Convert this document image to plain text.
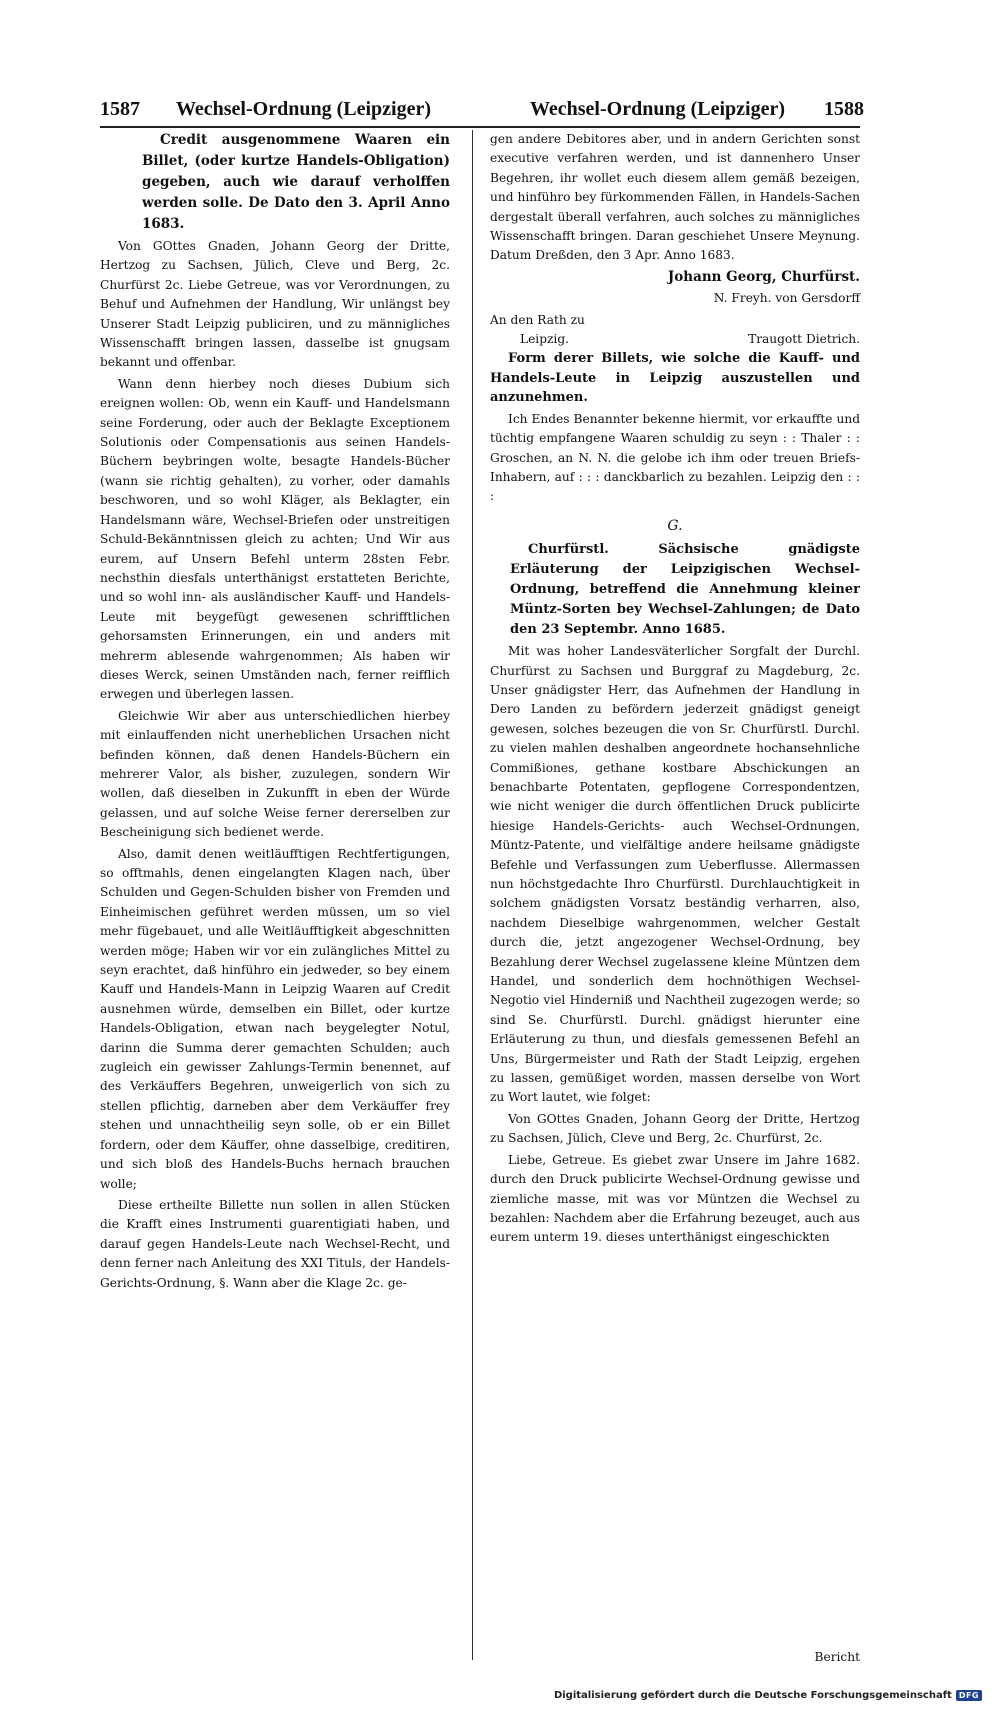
1587 Wechsel-Ordnung (Leipziger)	Wechsel-Ordnung (Leipziger) 1588

Credit ausgenommene Waaren ein Billet, (oder kurtze Handels-Obligation) gegeben, auch wie darauf verholffen werden solle. De Dato den 3. April Anno 1683.

Von GOttes Gnaden, Johann Georg der Dritte, Hertzog zu Sachsen, Jülich, Cleve und Berg, 2c. Churfürst 2c. Liebe Getreue, was vor Verordnungen, zu Behuf und Aufnehmen der Handlung, Wir unlängst bey Unserer Stadt Leipzig publiciren, und zu männigliches Wissenschafft bringen lassen, dasselbe ist gnugsam bekannt und offenbar.

Wann denn hierbey noch dieses Dubium sich ereignen wollen: Ob, wenn ein Kauff- und Handelsmann seine Forderung, oder auch der Beklagte Exceptionem Solutionis oder Compensationis aus seinen Handels-Büchern beybringen wolte, besagte Handels-Bücher (wann sie richtig gehalten), zu vorher, oder damahls beschworen, und so wohl Kläger, als Beklagter, ein Handelsmann wäre, Wechsel-Briefen oder unstreitigen Schuld-Bekänntnissen gleich zu achten; Und Wir aus eurem, auf Unsern Befehl unterm 28sten Febr. nechsthin diesfals unterthänigst erstatteten Berichte, und so wohl inn- als ausländischer Kauff- und Handels-Leute mit beygefügt gewesenen schrifftlichen gehorsamsten Erinnerungen, ein und anders mit mehrerm ablesende wahrgenommen; Als haben wir dieses Werck, seinen Umständen nach, ferner reifflich erwegen und überlegen lassen.

Gleichwie Wir aber aus unterschiedlichen hierbey mit einlauffenden nicht unerheblichen Ursachen nicht befinden können, daß denen Handels-Büchern ein mehrerer Valor, als bisher, zuzulegen, sondern Wir wollen, daß dieselben in Zukunfft in eben der Würde gelassen, und auf solche Weise ferner dererselben zur Bescheinigung sich bedienet werde.

Also, damit denen weitläufftigen Rechtfertigungen, so offtmahls, denen eingelangten Klagen nach, über Schulden und Gegen-Schulden bisher von Fremden und Einheimischen geführet werden müssen, um so viel mehr fügebauet, und alle Weitläufftigkeit abgeschnitten werden möge; Haben wir vor ein zulängliches Mittel zu seyn erachtet, daß hinführo ein jedweder, so bey einem Kauff und Handels-Mann in Leipzig Waaren auf Credit ausnehmen würde, demselben ein Billet, oder kurtze Handels-Obligation, etwan nach beygelegter Notul, darinn die Summa derer gemachten Schulden; auch zugleich ein gewisser Zahlungs-Termin benennet, auf des Verkäuffers Begehren, unweigerlich von sich zu stellen pflichtig, darneben aber dem Verkäuffer frey stehen und unnachtheilig seyn solle, ob er ein Billet fordern, oder dem Käuffer, ohne dasselbige, creditiren, und sich bloß des Handels-Buchs hernach brauchen wolle;

Diese ertheilte Billette nun sollen in allen Stücken die Krafft eines Instrumenti guarentigiati haben, und darauf gegen Handels-Leute nach Wechsel-Recht, und denn ferner nach Anleitung des XXI Tituls, der Handels-Gerichts-Ordnung, §. Wann aber die Klage 2c. ge-

gen andere Debitores aber, und in andern Gerichten sonst executive verfahren werden, und ist dannenhero Unser Begehren, ihr wollet euch diesem allem gemäß bezeigen, und hinführo bey fürkommenden Fällen, in Handels-Sachen dergestalt überall verfahren, auch solches zu männigliches Wissenschafft bringen. Daran geschiehet Unsere Meynung. Datum Dreßden, den 3 Apr. Anno 1683.

Johann Georg, Churfürst.

N. Freyh. von Gersdorff

An den Rath zu
Leipzig.	Traugott Dietrich.

Form derer Billets, wie solche die Kauff- und Handels-Leute in Leipzig auszustellen und anzunehmen.

Ich Endes Benannter bekenne hiermit, vor erkauffte und tüchtig empfangene Waaren schuldig zu seyn : : Thaler : : Groschen, an N. N. die gelobe ich ihm oder treuen Briefs-Inhabern, auf : : : danckbarlich zu bezahlen. Leipzig den : : :

G.

Churfürstl. Sächsische gnädigste Erläuterung der Leipzigischen Wechsel-Ordnung, betreffend die Annehmung kleiner Müntz-Sorten bey Wechsel-Zahlungen; de Dato den 23 Septembr. Anno 1685.

Mit was hoher Landesväterlicher Sorgfalt der Durchl. Churfürst zu Sachsen und Burggraf zu Magdeburg, 2c. Unser gnädigster Herr, das Aufnehmen der Handlung in Dero Landen zu befördern jederzeit gnädigst geneigt gewesen, solches bezeugen die von Sr. Churfürstl. Durchl. zu vielen mahlen deshalben angeordnete hochansehnliche Commißiones, gethane kostbare Abschickungen an benachbarte Potentaten, gepflogene Correspondentzen, wie nicht weniger die durch öffentlichen Druck publicirte hiesige Handels-Gerichts- auch Wechsel-Ordnungen, Müntz-Patente, und vielfältige andere heilsame gnädigste Befehle und Verfassungen zum Ueberflusse. Allermassen nun höchstgedachte Ihro Churfürstl. Durchlauchtigkeit in solchem gnädigsten Vorsatz beständig verharren, also, nachdem Dieselbige wahrgenommen, welcher Gestalt durch die, jetzt angezogener Wechsel-Ordnung, bey Bezahlung derer Wechsel zugelassene kleine Müntzen dem Handel, und sonderlich dem hochnöthigen Wechsel-Negotio viel Hinderniß und Nachtheil zugezogen werde; so sind Se. Churfürstl. Durchl. gnädigst hierunter eine Erläuterung zu thun, und diesfals gemessenen Befehl an Uns, Bürgermeister und Rath der Stadt Leipzig, ergehen zu lassen, gemüßiget worden, massen derselbe von Wort zu Wort lautet, wie folget:

Von GOttes Gnaden, Johann Georg der Dritte, Hertzog zu Sachsen, Jülich, Cleve und Berg, 2c. Churfürst, 2c.

Liebe, Getreue. Es giebet zwar Unsere im Jahre 1682. durch den Druck publicirte Wechsel-Ordnung gewisse und ziemliche masse, mit was vor Müntzen die Wechsel zu bezahlen: Nachdem aber die Erfahrung bezeuget, auch aus eurem unterm 19. dieses unterthänigst eingeschickten

Bericht
Digitalisierung gefördert durch die Deutsche Forschungsgemeinschaft DFG
